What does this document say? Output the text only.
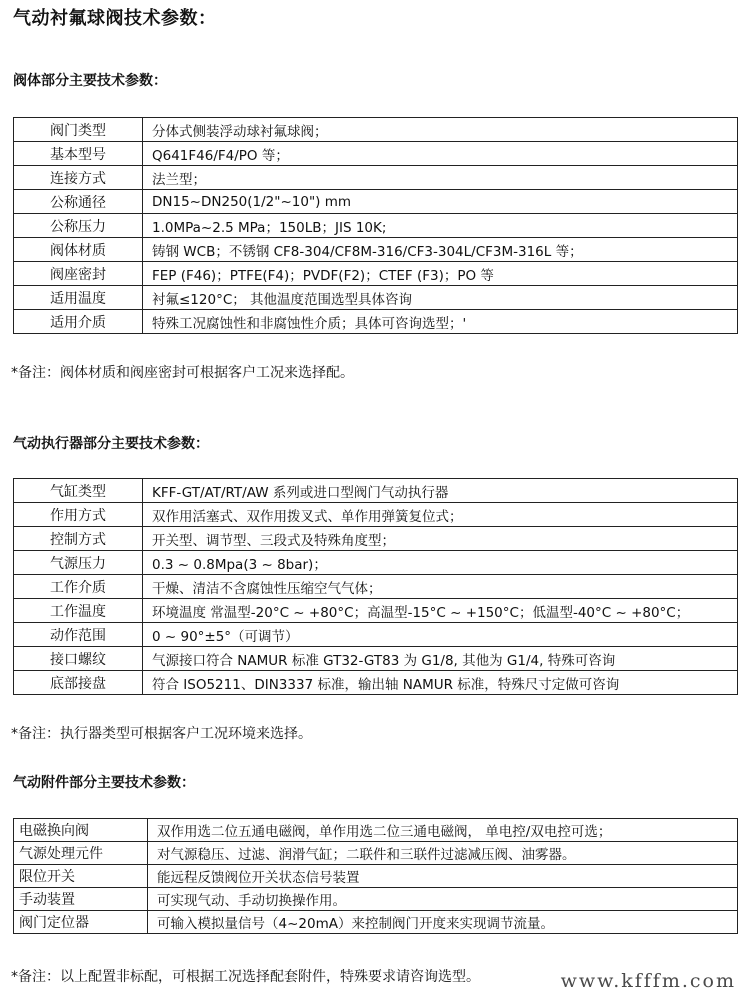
气动衬氟球阀技术参数：
阀体部分主要技术参数：
阀门类型	分体式侧装浮动球衬氟球阀；
基本型号	Q641F46/F4/PO 等；
连接方式	法兰型；
公称通径	DN15~DN250(1/2"~10") mm
公称压力	1.0MPa~2.5 MPa；150LB；JIS 10K;
阀体材质	铸钢 WCB；不锈钢 CF8-304/CF8M-316/CF3-304L/CF3M-316L 等；
阀座密封	FEP (F46)；PTFE(F4)；PVDF(F2)；CTEF (F3)；PO 等
适用温度	衬氟≤120°C； 其他温度范围选型具体咨询
适用介质	特殊工况腐蚀性和非腐蚀性介质；具体可咨询选型；'
*备注：阀体材质和阀座密封可根据客户工况来选择配。
气动执行器部分主要技术参数：
气缸类型	KFF-GT/AT/RT/AW 系列或进口型阀门气动执行器
作用方式	双作用活塞式、双作用拨叉式、单作用弹簧复位式；
控制方式	开关型、调节型、三段式及特殊角度型；
气源压力	0.3 ~ 0.8Mpa(3 ~ 8bar)；
工作介质	干燥、清洁不含腐蚀性压缩空气气体；
工作温度	环境温度 常温型-20°C ~ +80°C；高温型-15°C ~ +150°C；低温型-40°C ~ +80°C；
动作范围	0 ~ 90°±5°（可调节）
接口螺纹	气源接口符合 NAMUR 标准 GT32-GT83 为 G1/8, 其他为 G1/4, 特殊可咨询
底部接盘	符合 ISO5211、DIN3337 标准，输出轴 NAMUR 标准，特殊尺寸定做可咨询
*备注：执行器类型可根据客户工况环境来选择。
气动附件部分主要技术参数：
电磁换向阀	双作用选二位五通电磁阀，单作用选二位三通电磁阀， 单电控/双电控可选；
气源处理元件	对气源稳压、过滤、润滑气缸；二联件和三联件过滤减压阀、油雾器。
限位开关	能远程反馈阀位开关状态信号装置
手动装置	可实现气动、手动切换操作用。
阀门定位器	可输入模拟量信号（4~20mA）来控制阀门开度来实现调节流量。
*备注：以上配置非标配，可根据工况选择配套附件，特殊要求请咨询选型。	www.kfffm.com
